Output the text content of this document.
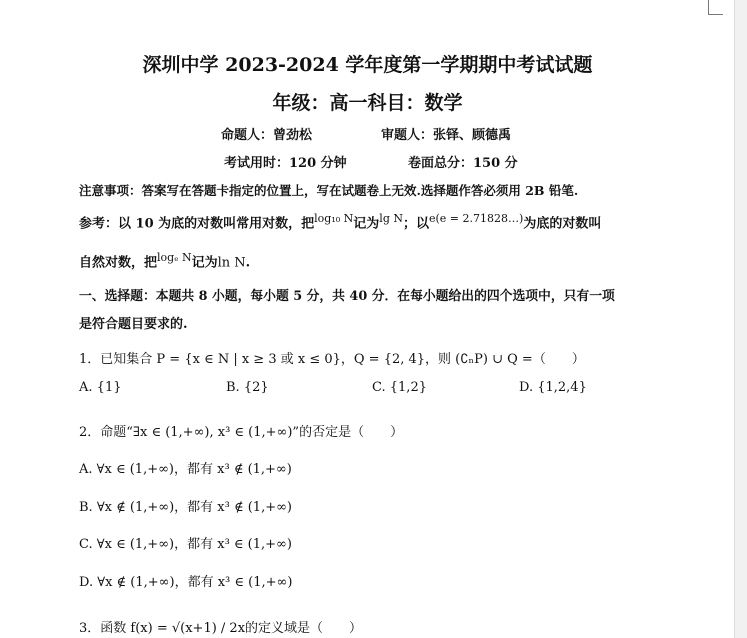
深圳中学 2023-2024 学年度第一学期期中考试试题
年级：高一科目：数学
命题人：曾劲松	审题人：张铎、顾德禹
考试用时：120 分钟	卷面总分：150 分
注意事项：答案写在答题卡指定的位置上，写在试题卷上无效.选择题作答必须用 2B 铅笔.
参考：以 10 为底的对数叫常用对数，把$^{log_{10} N}$记为$^{lg N}$；以$^{e(e = 2.71828\dots)}$为底的对数叫
自然对数，把$^{log_e N}$记为ln N.
一、选择题：本题共 8 小题，每小题 5 分，共 40 分．在每小题给出的四个选项中，只有一项
是符合题目要求的.
1．已知集合 P = {x ∈ N | x ≥ 3 或 x ≤ 0}，Q = {2, 4}，则 (∁ₙP) ∪ Q =（　　）
A. {1}	B. {2}	C. {1,2}	D. {1,2,4}
2．命题“∃x ∈ (1,+∞), x³ ∈ (1,+∞)”的否定是（　　）
A. ∀x ∈ (1,+∞)，都有 x³ ∉ (1,+∞)
B. ∀x ∉ (1,+∞)，都有 x³ ∉ (1,+∞)
C. ∀x ∈ (1,+∞)，都有 x³ ∈ (1,+∞)
D. ∀x ∉ (1,+∞)，都有 x³ ∈ (1,+∞)
3．函数 f(x) = √(x+1) / 2x的定义域是（　　）
